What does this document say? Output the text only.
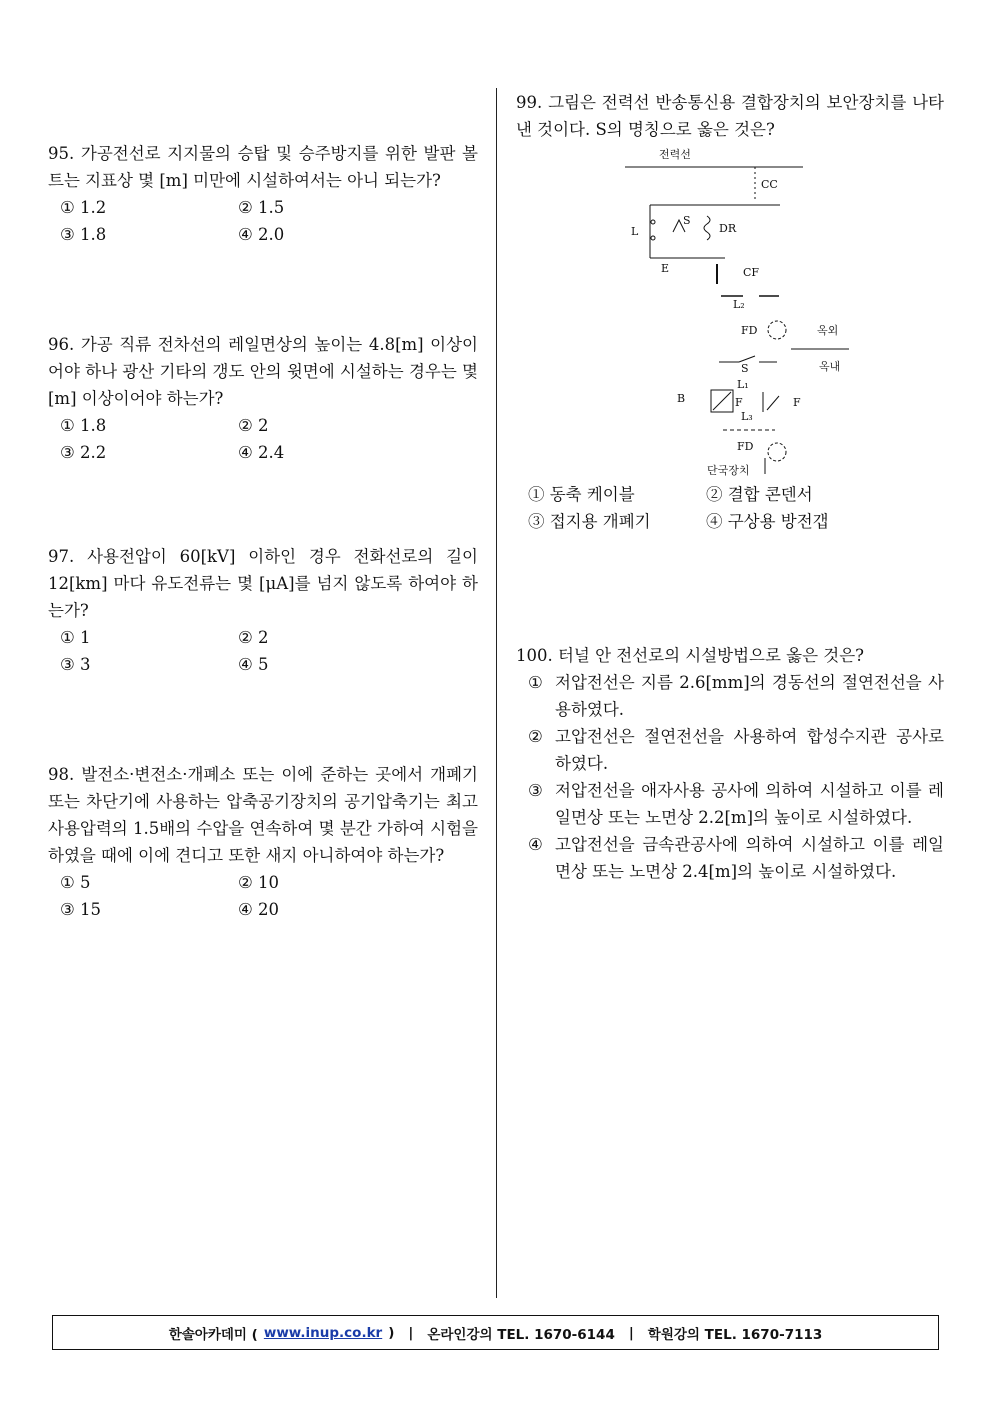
95. 가공전선로 지지물의 승탑 및 승주방지를 위한 발판 볼트는 지표상 몇 [m] 미만에 시설하여서는 아니 되는가?

① 1.2	② 1.5
③ 1.8	④ 2.0

96. 가공 직류 전차선의 레일면상의 높이는 4.8[m] 이상이어야 하나 광산 기타의 갱도 안의 윗면에 시설하는 경우는 몇 [m] 이상이어야 하는가?

① 1.8	② 2
③ 2.2	④ 2.4

97. 사용전압이 60[kV] 이하인 경우 전화선로의 길이 12[km] 마다 유도전류는 몇 [μA]를 넘지 않도록 하여야 하는가?

① 1	② 2
③ 3	④ 5

98. 발전소·변전소·개폐소 또는 이에 준하는 곳에서 개폐기 또는 차단기에 사용하는 압축공기장치의 공기압축기는 최고 사용압력의 1.5배의 수압을 연속하여 몇 분간 가하여 시험을 하였을 때에 이에 견디고 또한 새지 아니하여야 하는가?

① 5	② 10
③ 15	④ 20

99. 그림은 전력선 반송통신용 결합장치의 보안장치를 나타낸 것이다. S의 명칭으로 옳은 것은?

전력선
CC
L
S
DR
E	CF
L₂
FD	옥외
옥내
S
L₁
B	F	F
L₃
FD
단국장치
① 동축 케이블	② 결합 콘덴서
③ 접지용 개폐기	④ 구상용 방전갭

100. 터널 안 전선로의 시설방법으로 옳은 것은?

① 저압전선은 지름 2.6[mm]의 경동선의 절연전선을 사용하였다.
② 고압전선은 절연전선을 사용하여 합성수지관 공사로 하였다.
③ 저압전선을 애자사용 공사에 의하여 시설하고 이를 레일면상 또는 노면상 2.2[m]의 높이로 시설하였다.
④ 고압전선을 금속관공사에 의하여 시설하고 이를 레일면상 또는 노면상 2.4[m]의 높이로 시설하였다.
한솔아카데미 ( www.inup.co.kr ) | 온라인강의 TEL. 1670-6144 | 학원강의 TEL. 1670-7113
